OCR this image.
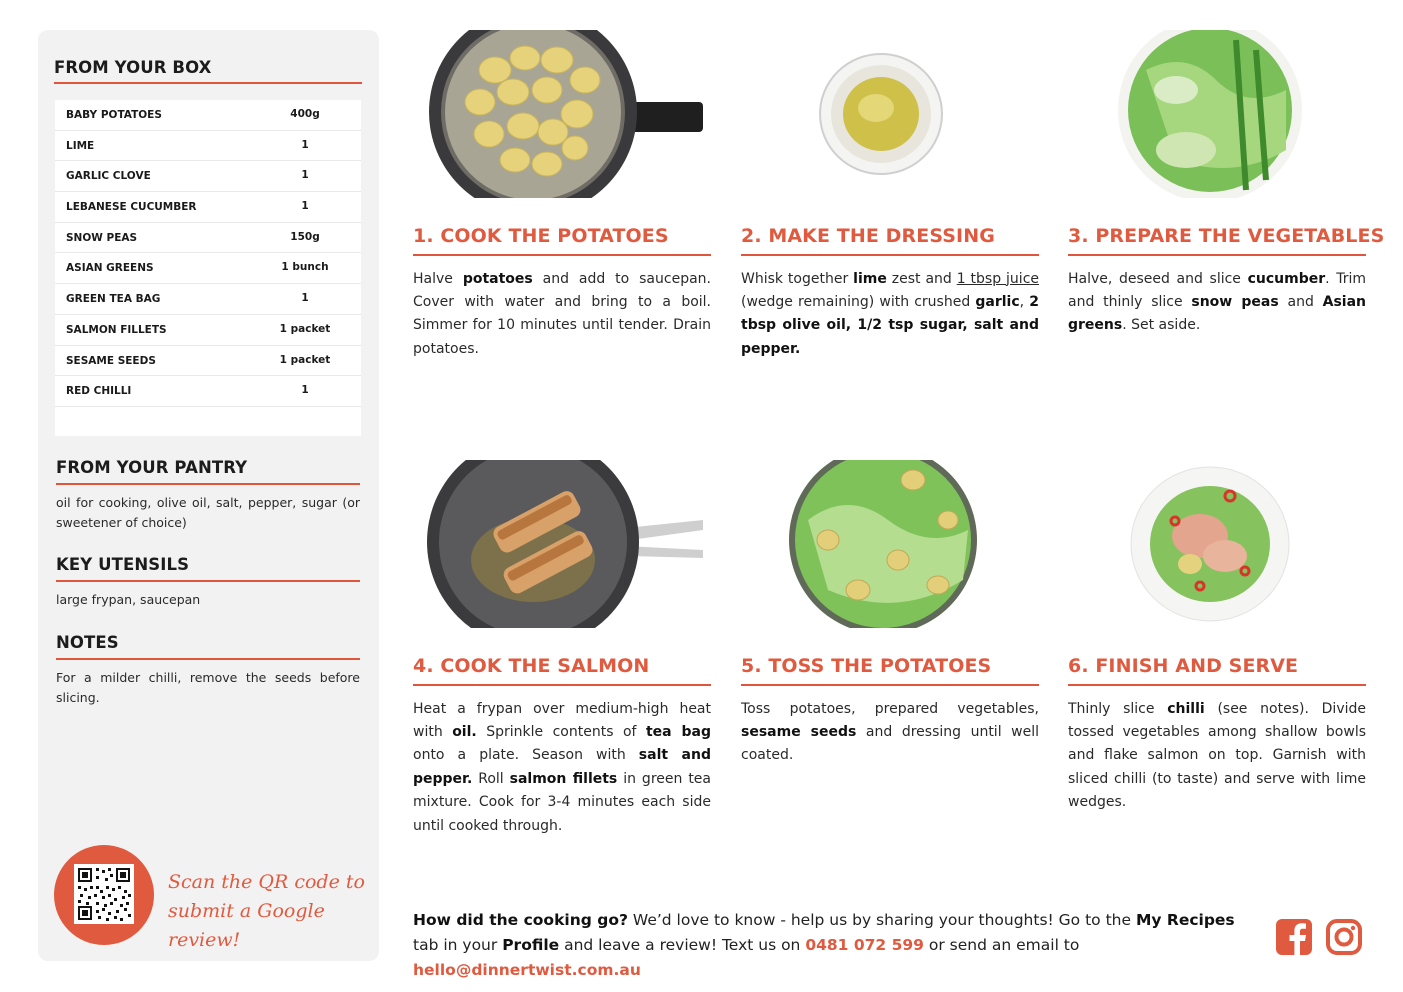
FROM YOUR BOX
BABY POTATOES	400g
LIME	1
GARLIC CLOVE	1
LEBANESE CUCUMBER	1
SNOW PEAS	150g
ASIAN GREENS	1 bunch
GREEN TEA BAG	1
SALMON FILLETS	1 packet
SESAME SEEDS	1 packet
RED CHILLI	1
FROM YOUR PANTRY
oil for cooking, olive oil, salt, pepper, sugar (or sweetener of choice)
KEY UTENSILS
large frypan, saucepan
NOTES
For a milder chilli, remove the seeds before slicing.
Scan the QR code to submit a Google review!
1. COOK THE POTATOES
Halve potatoes and add to saucepan. Cover with water and bring to a boil. Simmer for 10 minutes until tender. Drain potatoes.
2. MAKE THE DRESSING
Whisk together lime zest and 1 tbsp juice (wedge remaining) with crushed garlic, 2 tbsp olive oil, 1/2 tsp sugar, salt and pepper.
3. PREPARE THE VEGETABLES
Halve, deseed and slice cucumber. Trim and thinly slice snow peas and Asian greens. Set aside.
4. COOK THE SALMON
Heat a frypan over medium-high heat with oil. Sprinkle contents of tea bag onto a plate. Season with salt and pepper. Roll salmon fillets in green tea mixture. Cook for 3-4 minutes each side until cooked through.
5. TOSS THE POTATOES
Toss potatoes, prepared vegetables, sesame seeds and dressing until well coated.
6. FINISH AND SERVE
Thinly slice chilli (see notes). Divide tossed vegetables among shallow bowls and flake salmon on top. Garnish with sliced chilli (to taste) and serve with lime wedges.
How did the cooking go? We’d love to know - help us by sharing your thoughts! Go to the My Recipes tab in your Profile and leave a review! Text us on 0481 072 599 or send an email to hello@dinnertwist.com.au
